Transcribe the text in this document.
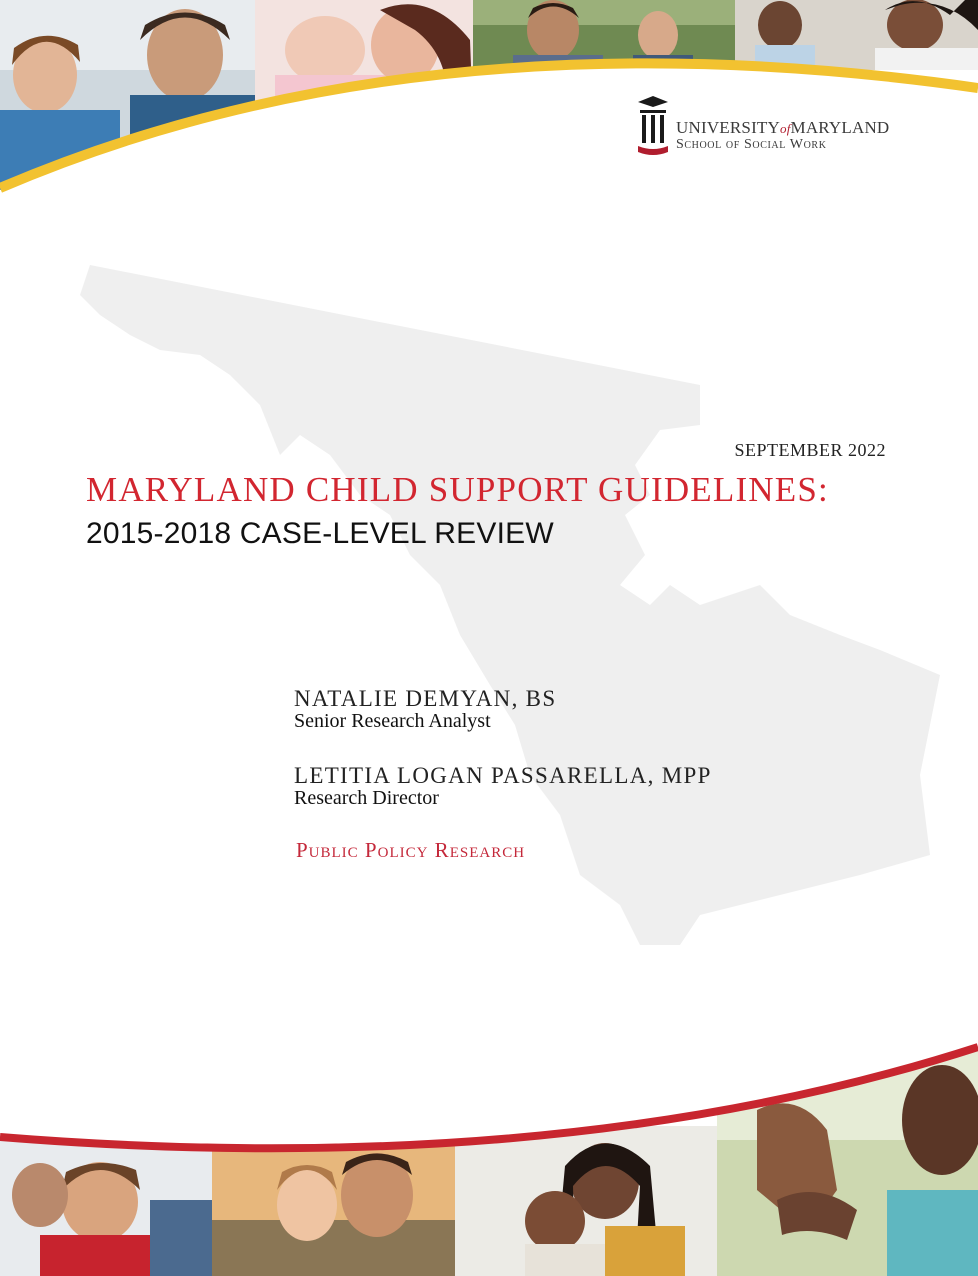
UNIVERSITYofMARYLAND
School of Social Work
SEPTEMBER 2022
MARYLAND CHILD SUPPORT GUIDELINES:
2015-2018 CASE-LEVEL REVIEW
NATALIE DEMYAN, BS
Senior Research Analyst
LETITIA LOGAN PASSARELLA, MPP
Research Director
Public Policy Research
